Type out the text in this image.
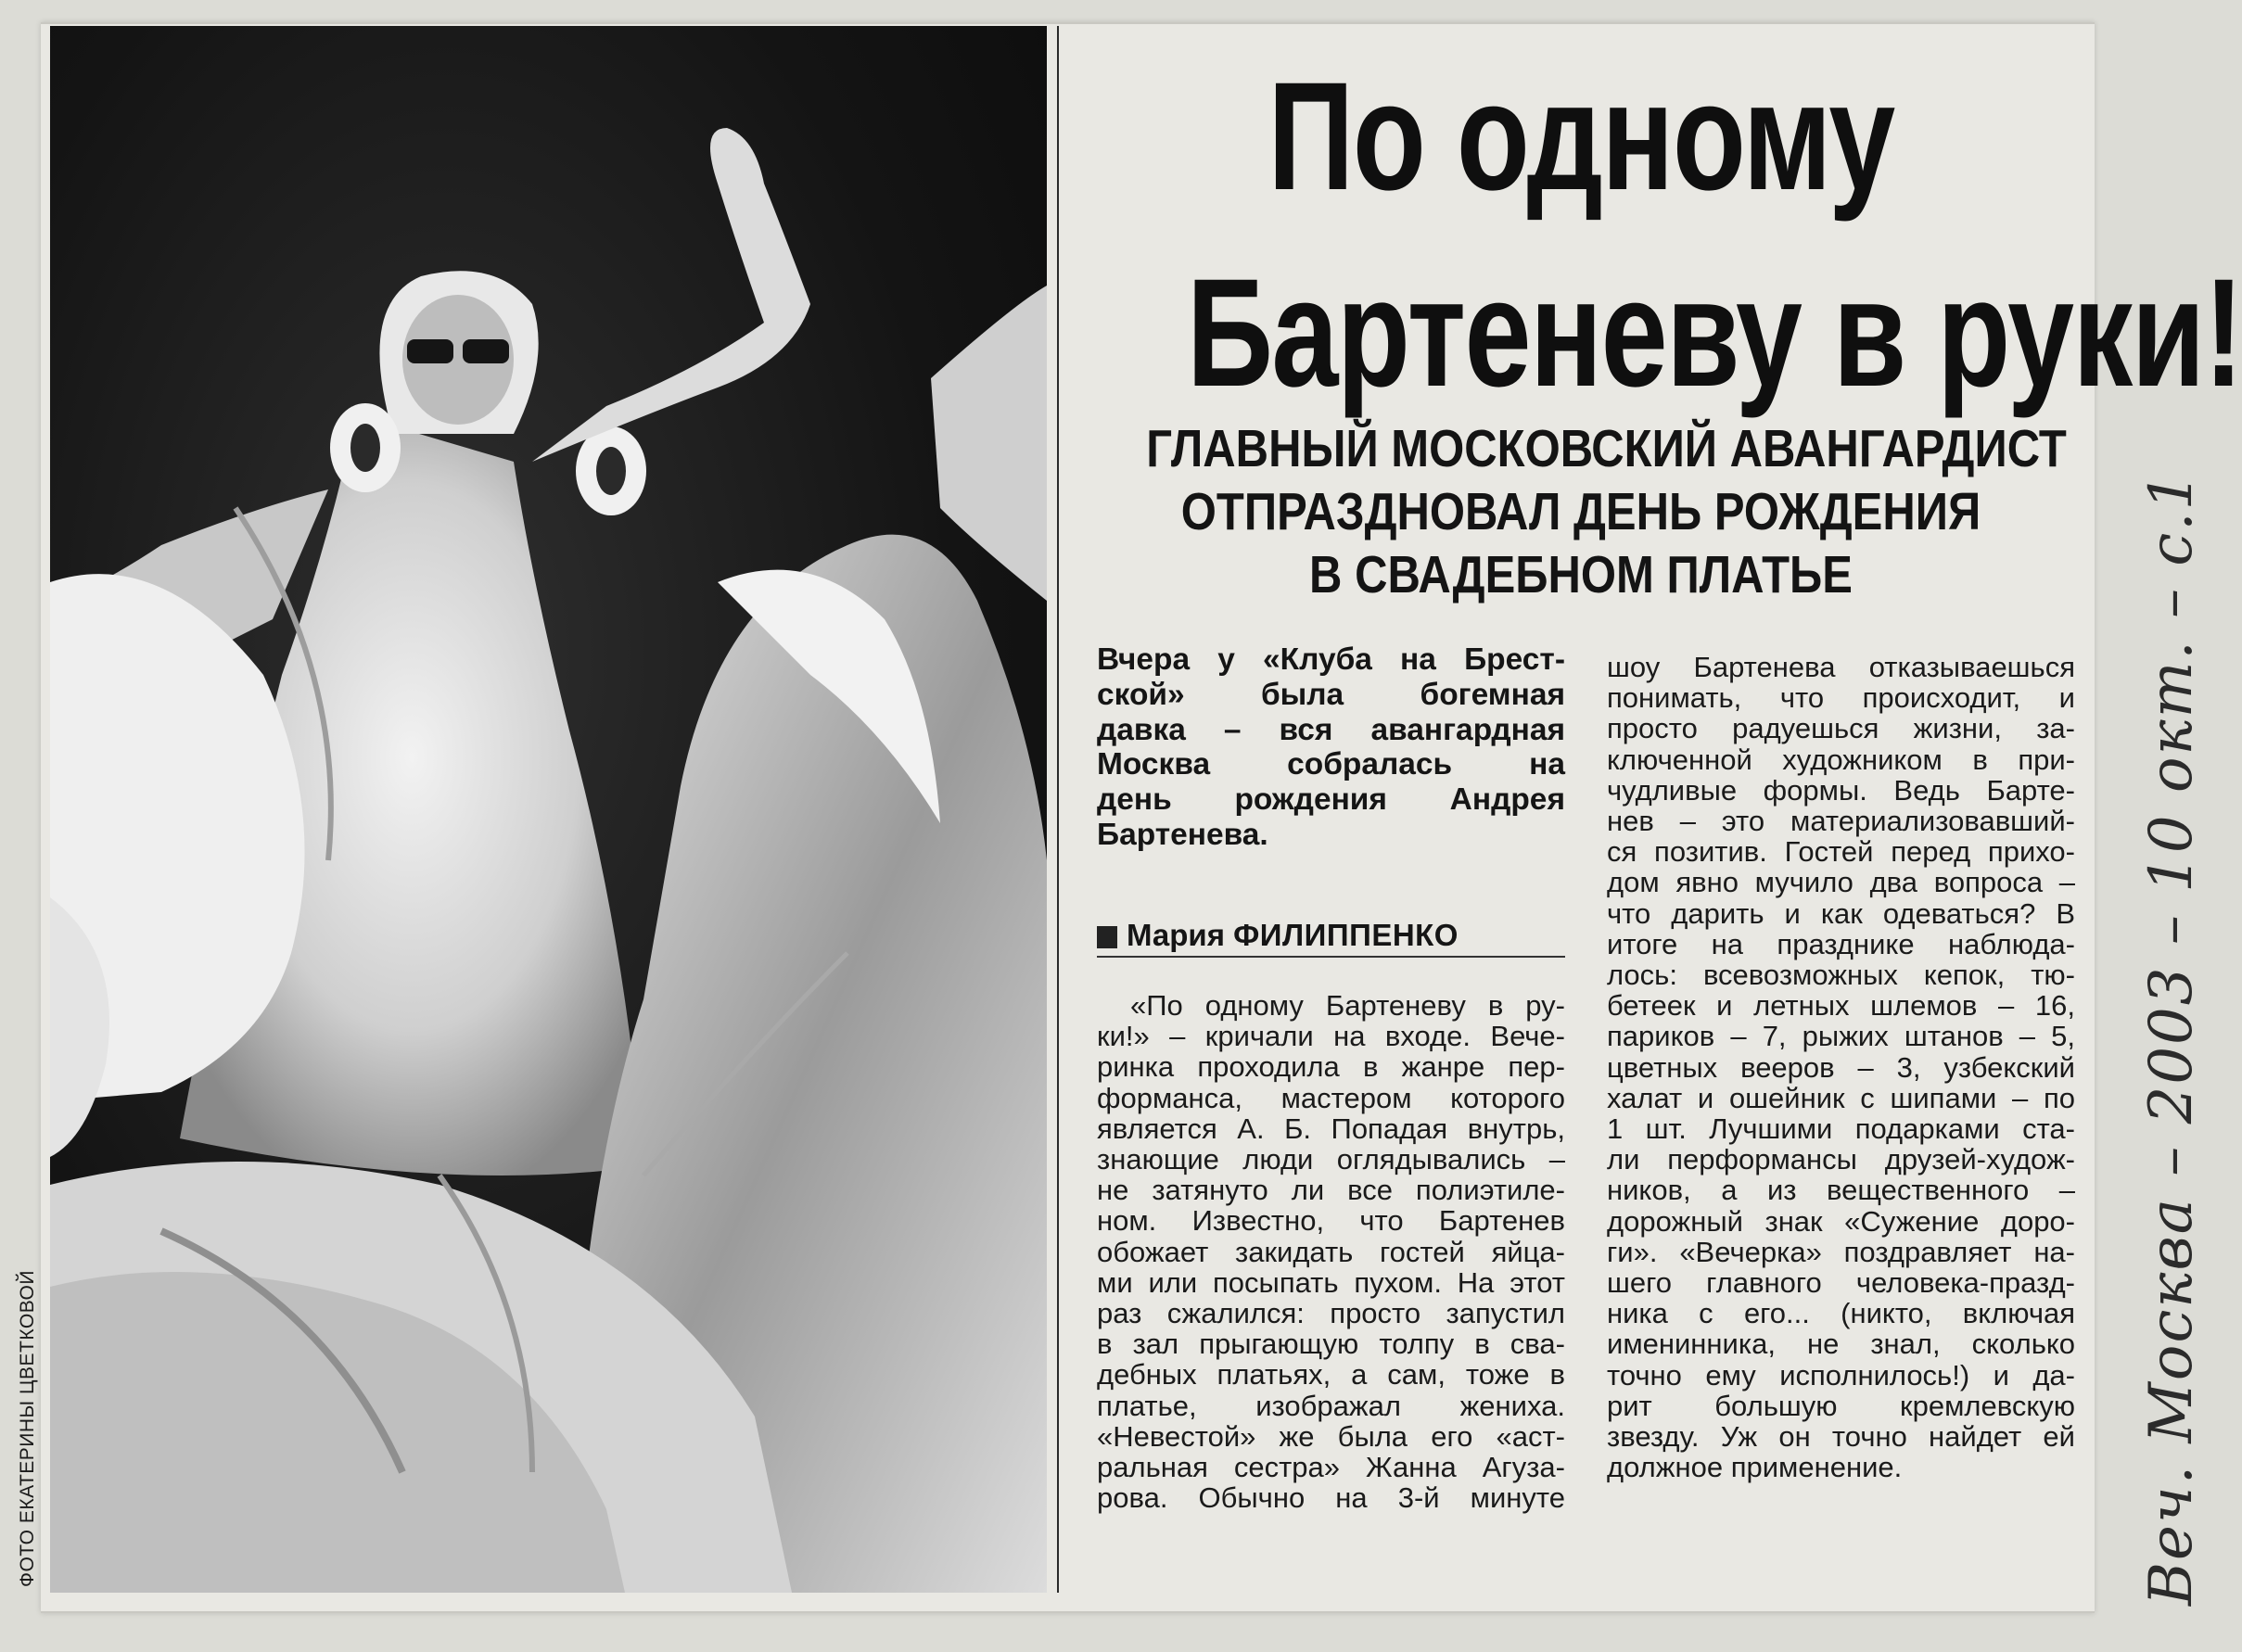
ФОТО ЕКАТЕРИНЫ ЦВЕТКОВОЙ
По одному
Бартеневу в руки!
ГЛАВНЫЙ МОСКОВСКИЙ АВАНГАРДИСТ
ОТПРАЗДНОВАЛ ДЕНЬ РОЖДЕНИЯ
В СВАДЕБНОМ ПЛАТЬЕ

Вчера у «Клуба на Брест-
ской» была богемная
давка – вся авангардная
Москва собралась на
день рождения Андрея
Бартенева.

Мария ФИЛИППЕНКО

«По одному Бартеневу в ру-
ки!» – кричали на входе. Вече-
ринка проходила в жанре пер-
форманса, мастером которого
является А. Б. Попадая внутрь,
знающие люди оглядывались –
не затянуто ли все полиэтиле-
ном. Известно, что Бартенев
обожает закидать гостей яйца-
ми или посыпать пухом. На этот
раз сжалился: просто запустил
в зал прыгающую толпу в сва-
дебных платьях, а сам, тоже в
платье, изображал жениха.
«Невестой» же была его «аст-
ральная сестра» Жанна Агуза-
рова. Обычно на 3-й минуте

шоу Бартенева отказываешься
понимать, что происходит, и
просто радуешься жизни, за-
ключенной художником в при-
чудливые формы. Ведь Барте-
нев – это материализовавший-
ся позитив. Гостей перед прихо-
дом явно мучило два вопроса –
что дарить и как одеваться? В
итоге на празднике наблюда-
лось: всевозможных кепок, тю-
бетеек и летных шлемов – 16,
париков – 7, рыжих штанов – 5,
цветных вееров – 3, узбекский
халат и ошейник с шипами – по
1 шт. Лучшими подарками ста-
ли перформансы друзей-худож-
ников, а из вещественного –
дорожный знак «Сужение доро-
ги». «Вечерка» поздравляет на-
шего главного человека-празд-
ника с его... (никто, включая
именинника, не знал, сколько
точно ему исполнилось!) и да-
рит большую кремлевскую
звезду. Уж он точно найдет ей
должное применение.	Веч. Москва – 2003 – 10 окт. – с.1
